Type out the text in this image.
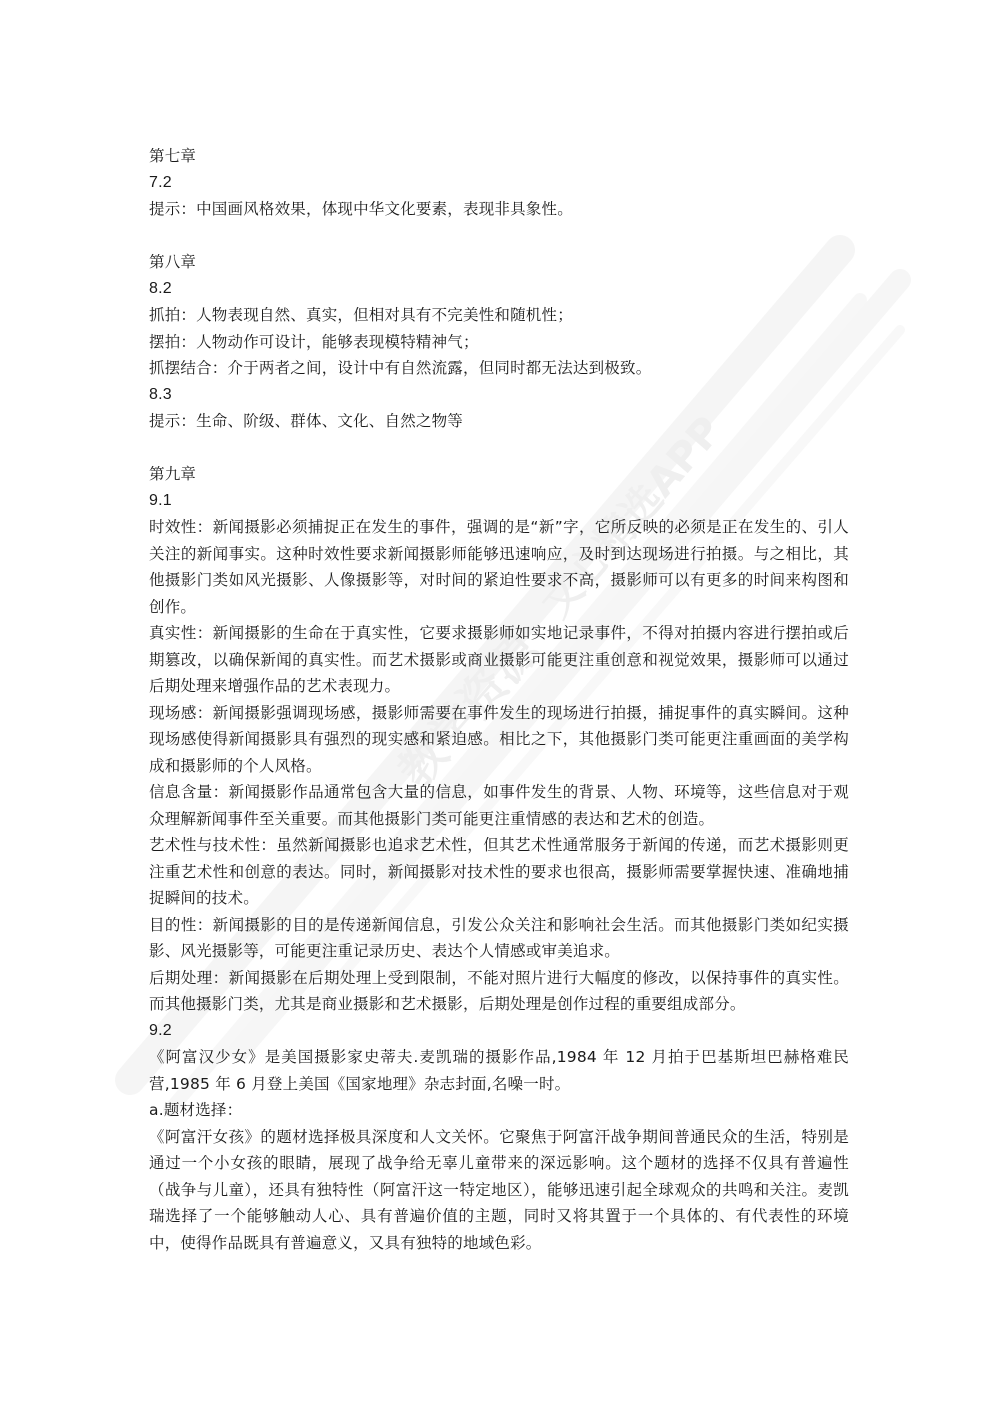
教学资源
文心精选APP

第七章

7.2

提示：中国画风格效果，体现中华文化要素，表现非具象性。

第八章

8.2

抓拍：人物表现自然、真实，但相对具有不完美性和随机性；

摆拍：人物动作可设计，能够表现模特精神气；

抓摆结合：介于两者之间，设计中有自然流露，但同时都无法达到极致。

8.3

提示：生命、阶级、群体、文化、自然之物等

第九章

9.1

时效性：新闻摄影必须捕捉正在发生的事件，强调的是“新”字，它所反映的必须是正在发生的、引人关注的新闻事实。这种时效性要求新闻摄影师能够迅速响应，及时到达现场进行拍摄。与之相比，其他摄影门类如风光摄影、人像摄影等，对时间的紧迫性要求不高，摄影师可以有更多的时间来构图和创作。

真实性：新闻摄影的生命在于真实性，它要求摄影师如实地记录事件，不得对拍摄内容进行摆拍或后期篡改，以确保新闻的真实性。而艺术摄影或商业摄影可能更注重创意和视觉效果，摄影师可以通过后期处理来增强作品的艺术表现力。

现场感：新闻摄影强调现场感，摄影师需要在事件发生的现场进行拍摄，捕捉事件的真实瞬间。这种现场感使得新闻摄影具有强烈的现实感和紧迫感。相比之下，其他摄影门类可能更注重画面的美学构成和摄影师的个人风格。

信息含量：新闻摄影作品通常包含大量的信息，如事件发生的背景、人物、环境等，这些信息对于观众理解新闻事件至关重要。而其他摄影门类可能更注重情感的表达和艺术的创造。

艺术性与技术性：虽然新闻摄影也追求艺术性，但其艺术性通常服务于新闻的传递，而艺术摄影则更注重艺术性和创意的表达。同时，新闻摄影对技术性的要求也很高，摄影师需要掌握快速、准确地捕捉瞬间的技术。

目的性：新闻摄影的目的是传递新闻信息，引发公众关注和影响社会生活。而其他摄影门类如纪实摄影、风光摄影等，可能更注重记录历史、表达个人情感或审美追求。

后期处理：新闻摄影在后期处理上受到限制，不能对照片进行大幅度的修改，以保持事件的真实性。而其他摄影门类，尤其是商业摄影和艺术摄影，后期处理是创作过程的重要组成部分。

9.2

《阿富汉少女》是美国摄影家史蒂夫.麦凯瑞的摄影作品,1984 年 12 月拍于巴基斯坦巴赫格难民营,1985 年 6 月登上美国《国家地理》杂志封面,名噪一时。

a.题材选择：

《阿富汗女孩》的题材选择极具深度和人文关怀。它聚焦于阿富汗战争期间普通民众的生活，特别是通过一个小女孩的眼睛，展现了战争给无辜儿童带来的深远影响。这个题材的选择不仅具有普遍性（战争与儿童），还具有独特性（阿富汗这一特定地区），能够迅速引起全球观众的共鸣和关注。麦凯瑞选择了一个能够触动人心、具有普遍价值的主题，同时又将其置于一个具体的、有代表性的环境中，使得作品既具有普遍意义，又具有独特的地域色彩。
